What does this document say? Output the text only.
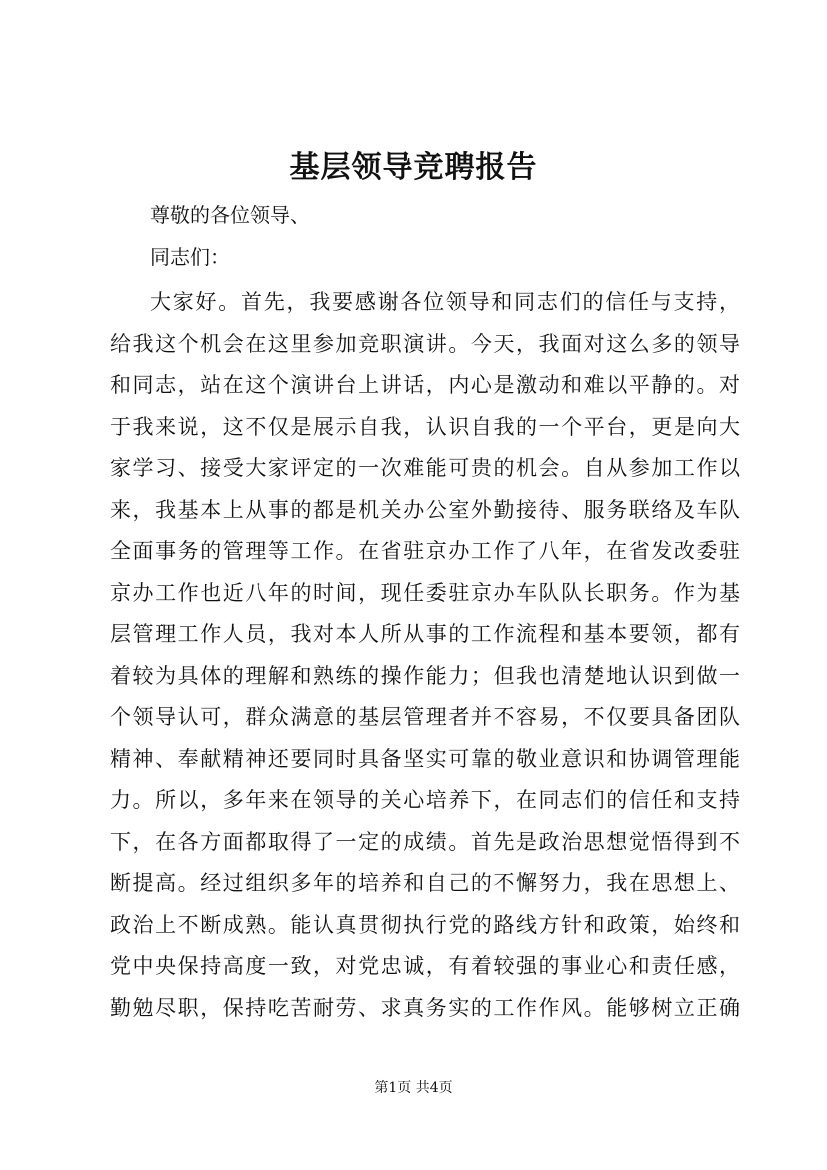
基层领导竞聘报告

尊敬的各位领导、

同志们：

大家好。首先，我要感谢各位领导和同志们的信任与支持，
给我这个机会在这里参加竞职演讲。今天，我面对这么多的领导
和同志，站在这个演讲台上讲话，内心是激动和难以平静的。对
于我来说，这不仅是展示自我，认识自我的一个平台，更是向大
家学习、接受大家评定的一次难能可贵的机会。自从参加工作以
来，我基本上从事的都是机关办公室外勤接待、服务联络及车队
全面事务的管理等工作。在省驻京办工作了八年，在省发改委驻
京办工作也近八年的时间，现任委驻京办车队队长职务。作为基
层管理工作人员，我对本人所从事的工作流程和基本要领，都有
着较为具体的理解和熟练的操作能力；但我也清楚地认识到做一
个领导认可，群众满意的基层管理者并不容易，不仅要具备团队
精神、奉献精神还要同时具备坚实可靠的敬业意识和协调管理能
力。所以，多年来在领导的关心培养下，在同志们的信任和支持
下，在各方面都取得了一定的成绩。首先是政治思想觉悟得到不
断提高。经过组织多年的培养和自己的不懈努力，我在思想上、
政治上不断成熟。能认真贯彻执行党的路线方针和政策，始终和
党中央保持高度一致，对党忠诚，有着较强的事业心和责任感，
勤勉尽职，保持吃苦耐劳、求真务实的工作作风。能够树立正确

第1页 共4页
